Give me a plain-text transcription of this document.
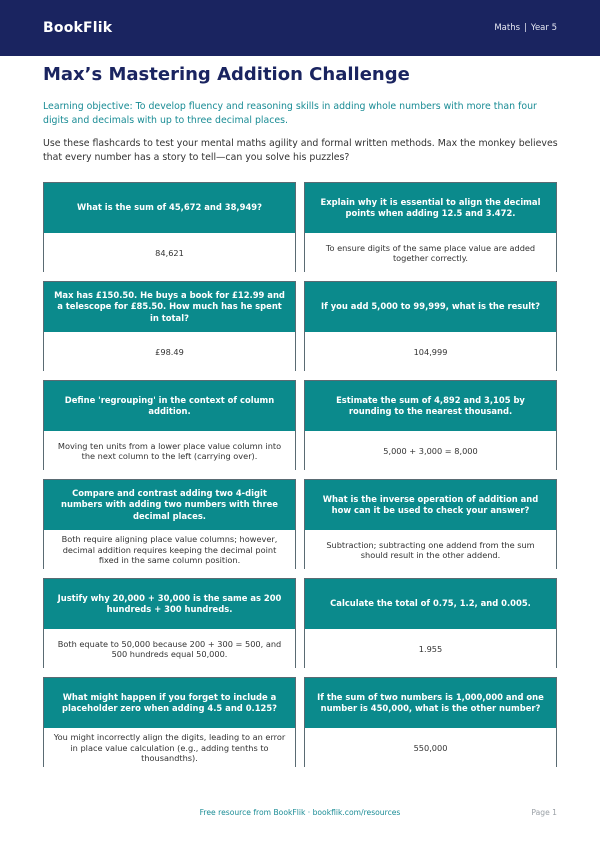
BookFlik	Maths | Year 5
Max’s Mastering Addition Challenge

Learning objective: To develop fluency and reasoning skills in adding whole numbers with more than four digits and decimals with up to three decimal places.

Use these flashcards to test your mental maths agility and formal written methods. Max the monkey believes that every number has a story to tell—can you solve his puzzles?

What is the sum of 45,672 and 38,949?
84,621
Explain why it is essential to align the decimal points when adding 12.5 and 3.472.
To ensure digits of the same place value are added together correctly.
Max has £150.50. He buys a book for £12.99 and a telescope for £85.50. How much has he spent in total?
£98.49
If you add 5,000 to 99,999, what is the result?
104,999
Define 'regrouping' in the context of column addition.
Moving ten units from a lower place value column into the next column to the left (carrying over).
Estimate the sum of 4,892 and 3,105 by rounding to the nearest thousand.
5,000 + 3,000 = 8,000
Compare and contrast adding two 4-digit numbers with adding two numbers with three decimal places.
Both require aligning place value columns; however, decimal addition requires keeping the decimal point fixed in the same column position.
What is the inverse operation of addition and how can it be used to check your answer?
Subtraction; subtracting one addend from the sum should result in the other addend.
Justify why 20,000 + 30,000 is the same as 200 hundreds + 300 hundreds.
Both equate to 50,000 because 200 + 300 = 500, and 500 hundreds equal 50,000.
Calculate the total of 0.75, 1.2, and 0.005.
1.955
What might happen if you forget to include a placeholder zero when adding 4.5 and 0.125?
You might incorrectly align the digits, leading to an error in place value calculation (e.g., adding tenths to thousandths).
If the sum of two numbers is 1,000,000 and one number is 450,000, what is the other number?
550,000
Free resource from BookFlik · bookflik.com/resources	Page 1
